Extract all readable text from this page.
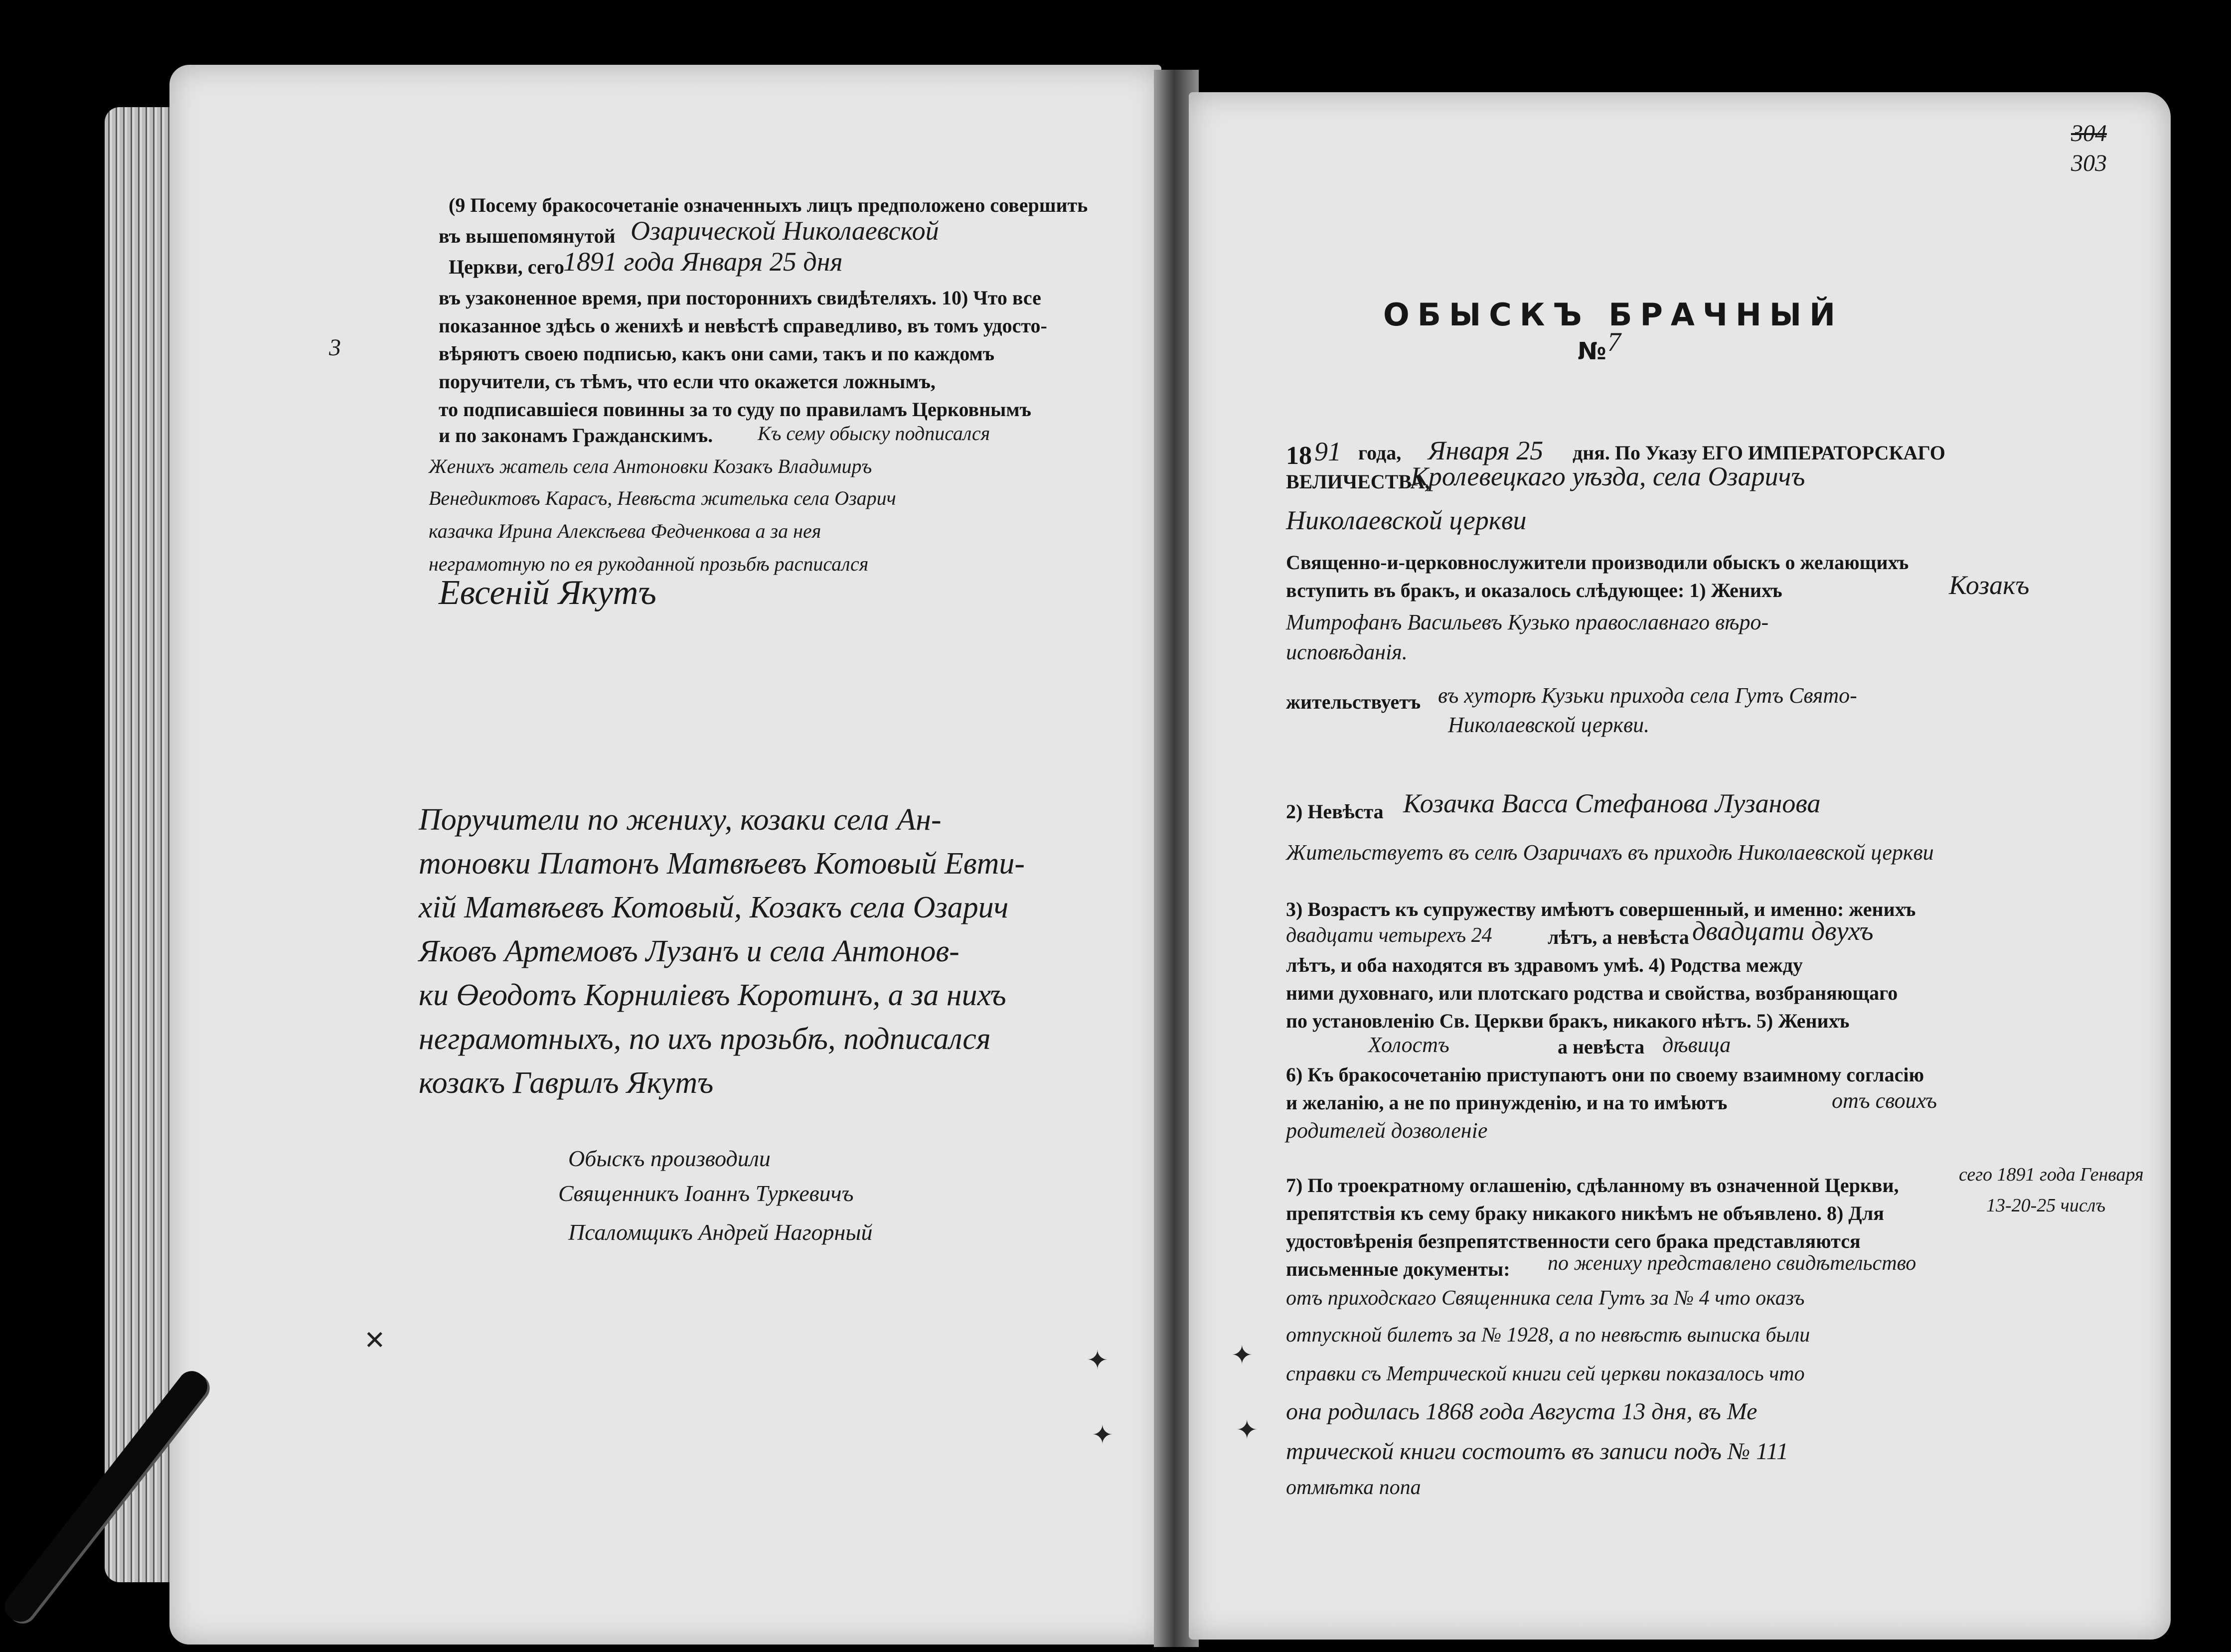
(9 Посему бракосочетаніе означенныхъ лицъ предположено совершить
въ вышепомянутой Озарической Николаевской
Церкви, сего
1891 года Января 25 дня
въ узаконенное время, при постороннихъ свидѣтеляхъ. 10) Что все
показанное здѣсь о женихѣ и невѣстѣ справедливо, въ томъ удосто-
вѣряютъ своею подписью, какъ они сами, такъ и по каждомъ
поручители, съ тѣмъ, что если что окажется ложнымъ,
то подписавшіеся повинны за то суду по правиламъ Церковнымъ
и по законамъ Гражданскимъ. Къ сему обыску подписался
Женихъ жатель села Антоновки Козакъ Владимиръ
Венедиктовъ Карасъ, Невѣста жителька села Озарич
казачка Ирина Алексѣева Федченкова а за нея
неграмотную по ея рукоданной прозьбѣ расписался
Евсеній Якутъ
Поручители по жениху, козаки села Ан-
тоновки Платонъ Матвѣевъ Котовый Евти-
хій Матвѣевъ Котовый, Козакъ села Озарич
Яковъ Артемовъ Лузанъ и села Антонов-
ки Өеодотъ Корниліевъ Коротинъ, а за нихъ
неграмотныхъ, по ихъ прозьбѣ, подписался
козакъ Гаврилъ Якутъ
Обыскъ производили
Священникъ Іоаннъ Туркевичъ
Псаломщикъ Андрей Нагорный
3
304
303
ОБЫСКЪ БРАЧНЫЙ
№ 7
18 91 года, Января 25 дня. По Указу ЕГО ИМПЕРАТОРСКАГО
ВЕЛИЧЕСТВА,
Кролевецкаго уѣзда, села Озаричъ
Николаевской церкви
Священно-и-церковнослужители производили обыскъ о желающихъ
вступить въ бракъ, и оказалось слѣдующее: 1) Женихъ	Козакъ
Митрофанъ Васильевъ Кузько православнаго вѣро-
исповѣданія.
жительствуетъ въ хуторѣ Кузьки прихода села Гутъ Свято-
Николаевской церкви.
2) Невѣста Козачка Васса Стефанова Лузанова
Жительствуетъ въ селѣ Озаричахъ въ приходѣ Николаевской церкви
3) Возрастъ къ супружеству имѣютъ совершенный, и именно: женихъ
двадцати четырехъ 24	лѣтъ, а невѣста двадцати двухъ
лѣтъ, и оба находятся въ здравомъ умѣ. 4) Родства между
ними духовнаго, или плотскаго родства и свойства, возбраняющаго
по установленію Св. Церкви бракъ, никакого нѣтъ. 5) Женихъ
Холостъ	а невѣста дѣвица
6) Къ бракосочетанію приступаютъ они по своему взаимному согласію
и желанію, а не по принужденію, и на то имѣютъ	отъ своихъ
родителей дозволеніе
7) По троекратному оглашенію, сдѣланному въ означенной Церкви,	сего 1891 года Генваря
препятствія къ сему браку никакого никѣмъ не объявлено. 8) Для	13-20-25 числъ
удостовѣренія безпрепятственности сего брака представляются
письменные документы: по жениху представлено свидѣтельство
отъ приходскаго Священника села Гутъ за № 4 что оказъ
отпускной билетъ за № 1928, а по невѣстѣ выписка были
справки съ Метрической книги сей церкви показалось что
она родилась 1868 года Августа 13 дня, въ Ме
трической книги состоитъ въ записи подъ № 111
отмѣтка попа
✕
✦
✦
✦
✦
